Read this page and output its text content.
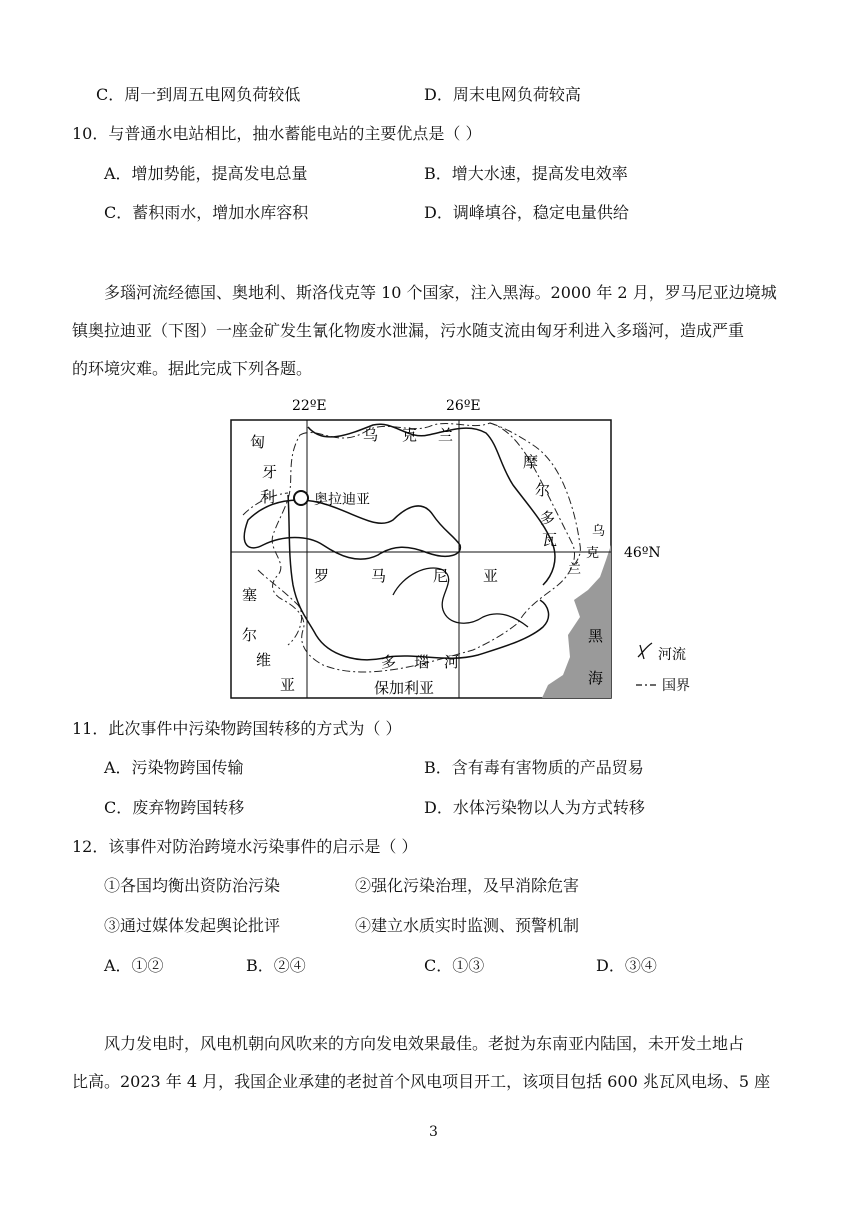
C．周一到周五电网负荷较低	D．周末电网负荷较高
10．与普通水电站相比，抽水蓄能电站的主要优点是（ ）
A．增加势能，提高发电总量	B．增大水速，提高发电效率
C．蓄积雨水，增加水库容积	D．调峰填谷，稳定电量供给
多瑙河流经德国、奥地利、斯洛伐克等 10 个国家，注入黑海。2000 年 2 月，罗马尼亚边境城
镇奥拉迪亚（下图）一座金矿发生氰化物废水泄漏，污水随支流由匈牙利进入多瑙河，造成严重
的环境灾难。据此完成下列各题。
奥拉迪亚
22ºE	26ºE
46ºN
匈
牙
利
乌 克 兰
摩
尔
多
瓦	乌
克
兰
罗	马	尼 亚
塞
尔
维
亚
多 瑙 河
保加利亚
黑
海
河流
国界
11．此次事件中污染物跨国转移的方式为（ ）
A．污染物跨国传输	B．含有毒有害物质的产品贸易
C．废弃物跨国转移	D．水体污染物以人为方式转移
12．该事件对防治跨境水污染事件的启示是（ ）
①各国均衡出资防治污染	②强化污染治理，及早消除危害
③通过媒体发起舆论批评	④建立水质实时监测、预警机制
A．①②	B．②④	C．①③	D．③④
风力发电时，风电机朝向风吹来的方向发电效果最佳。老挝为东南亚内陆国，未开发土地占
比高。2023 年 4 月，我国企业承建的老挝首个风电项目开工，该项目包括 600 兆瓦风电场、5 座
3
